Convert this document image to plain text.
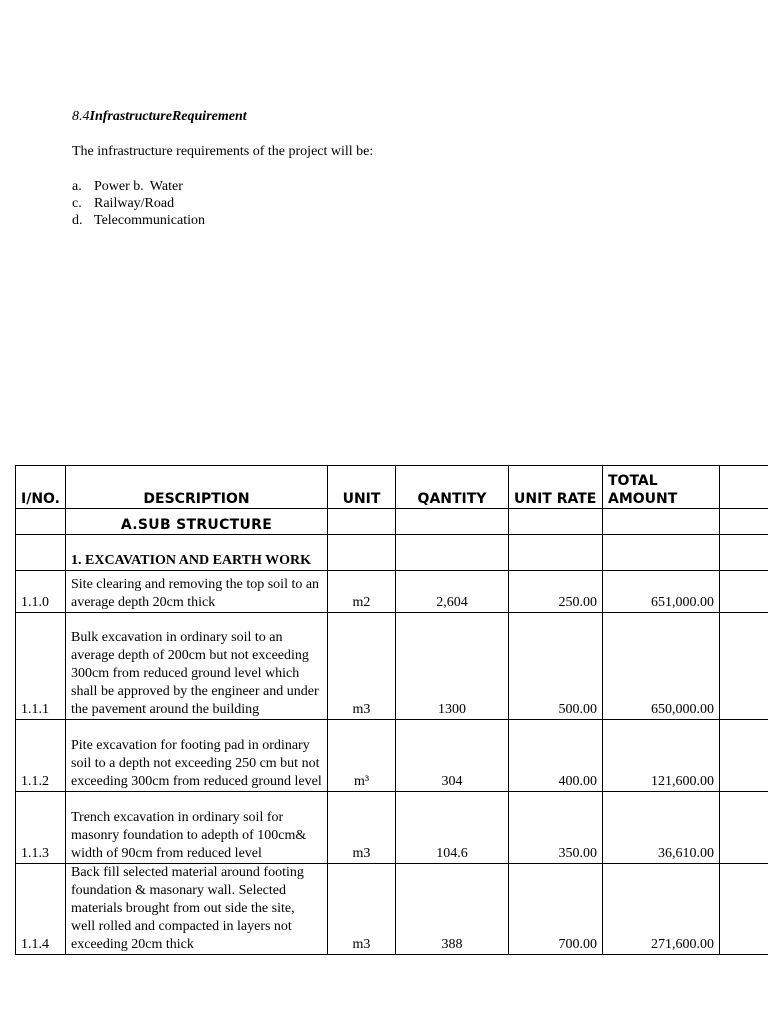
8.4InfrastructureRequirement
The infrastructure requirements of the project will be:
a. Power b. Water
c. Railway/Road
d. Telecommunication
I/NO.	DESCRIPTION	UNIT	QANTITY	UNIT RATE	TOTAL AMOUNT	
	A.SUB STRUCTURE					
	1. EXCAVATION AND EARTH WORK					
1.1.0	Site clearing and removing the top soil to an average depth 20cm thick	m2	2,604	250.00	651,000.00	
1.1.1	Bulk excavation in ordinary soil to an average depth of 200cm but not exceeding 300cm from reduced ground level which shall be approved by the engineer and under the pavement around the building	m3	1300	500.00	650,000.00	
1.1.2	Pite excavation for footing pad in ordinary soil to a depth not exceeding 250 cm but not exceeding 300cm from reduced ground level	m³	304	400.00	121,600.00	
1.1.3	Trench excavation in ordinary soil for masonry foundation to adepth of 100cm& width of 90cm from reduced level	m3	104.6	350.00	36,610.00	
1.1.4	Back fill selected material around footing foundation & masonary wall. Selected materials brought from out side the site, well rolled and compacted in layers not exceeding 20cm thick	m3	388	700.00	271,600.00	
